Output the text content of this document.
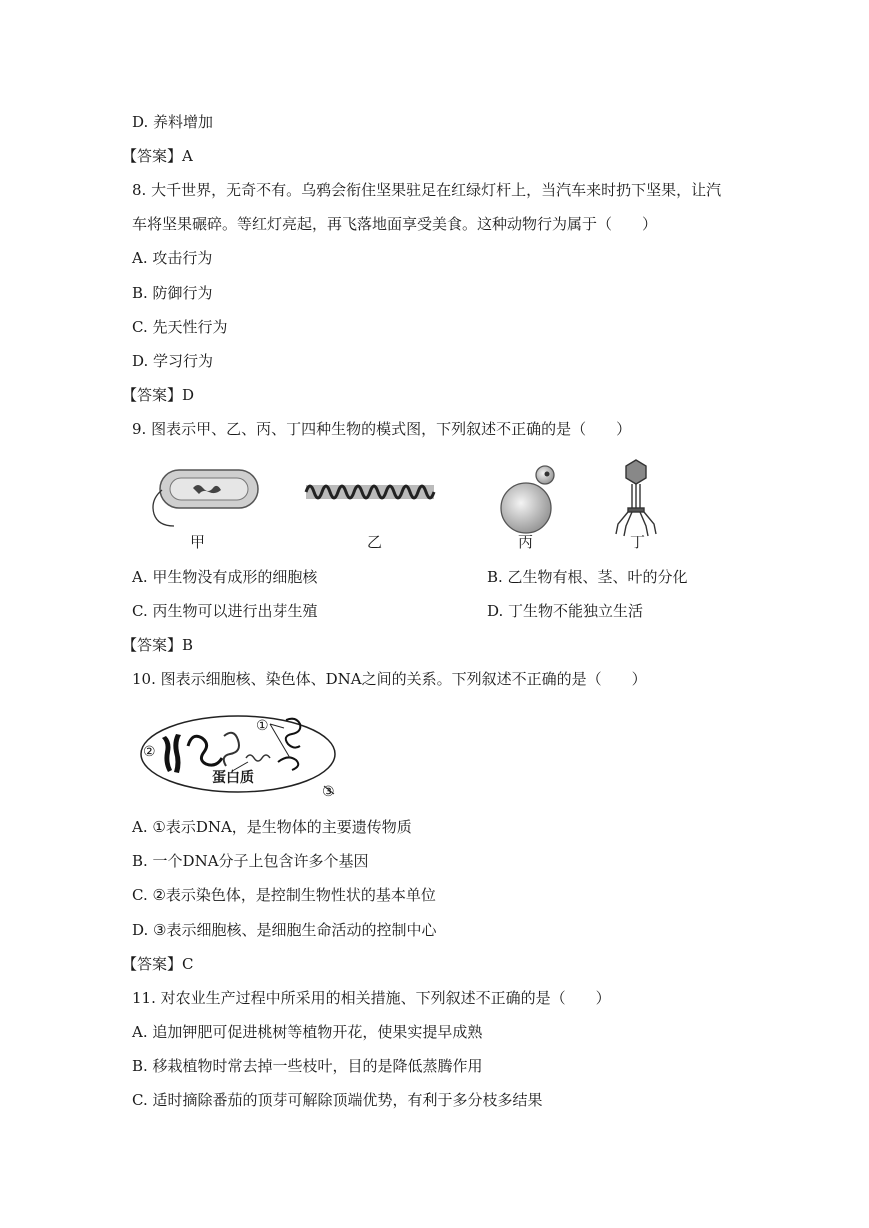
D. 养料增加
【答案】A
8. 大千世界，无奇不有。乌鸦会衔住坚果驻足在红绿灯杆上，当汽车来时扔下坚果，让汽
车将坚果碾碎。等红灯亮起，再飞落地面享受美食。这种动物行为属于（　　）
A. 攻击行为
B. 防御行为
C. 先天性行为
D. 学习行为
【答案】D
9. 图表示甲、乙、丙、丁四种生物的模式图，下列叙述不正确的是（　　）
甲	乙	丙	丁
A. 甲生物没有成形的细胞核	B. 乙生物有根、茎、叶的分化
C. 丙生物可以进行出芽生殖	D. 丁生物不能独立生活
【答案】B
10. 图表示细胞核、染色体、DNA之间的关系。下列叙述不正确的是（　　）
①
②
③
蛋白质
A. ①表示DNA，是生物体的主要遗传物质
B. 一个DNA分子上包含许多个基因
C. ②表示染色体，是控制生物性状的基本单位
D. ③表示细胞核、是细胞生命活动的控制中心
【答案】C
11. 对农业生产过程中所采用的相关措施、下列叙述不正确的是（　　）
A. 追加钾肥可促进桃树等植物开花，使果实提早成熟
B. 移栽植物时常去掉一些枝叶，目的是降低蒸腾作用
C. 适时摘除番茄的顶芽可解除顶端优势，有利于多分枝多结果
